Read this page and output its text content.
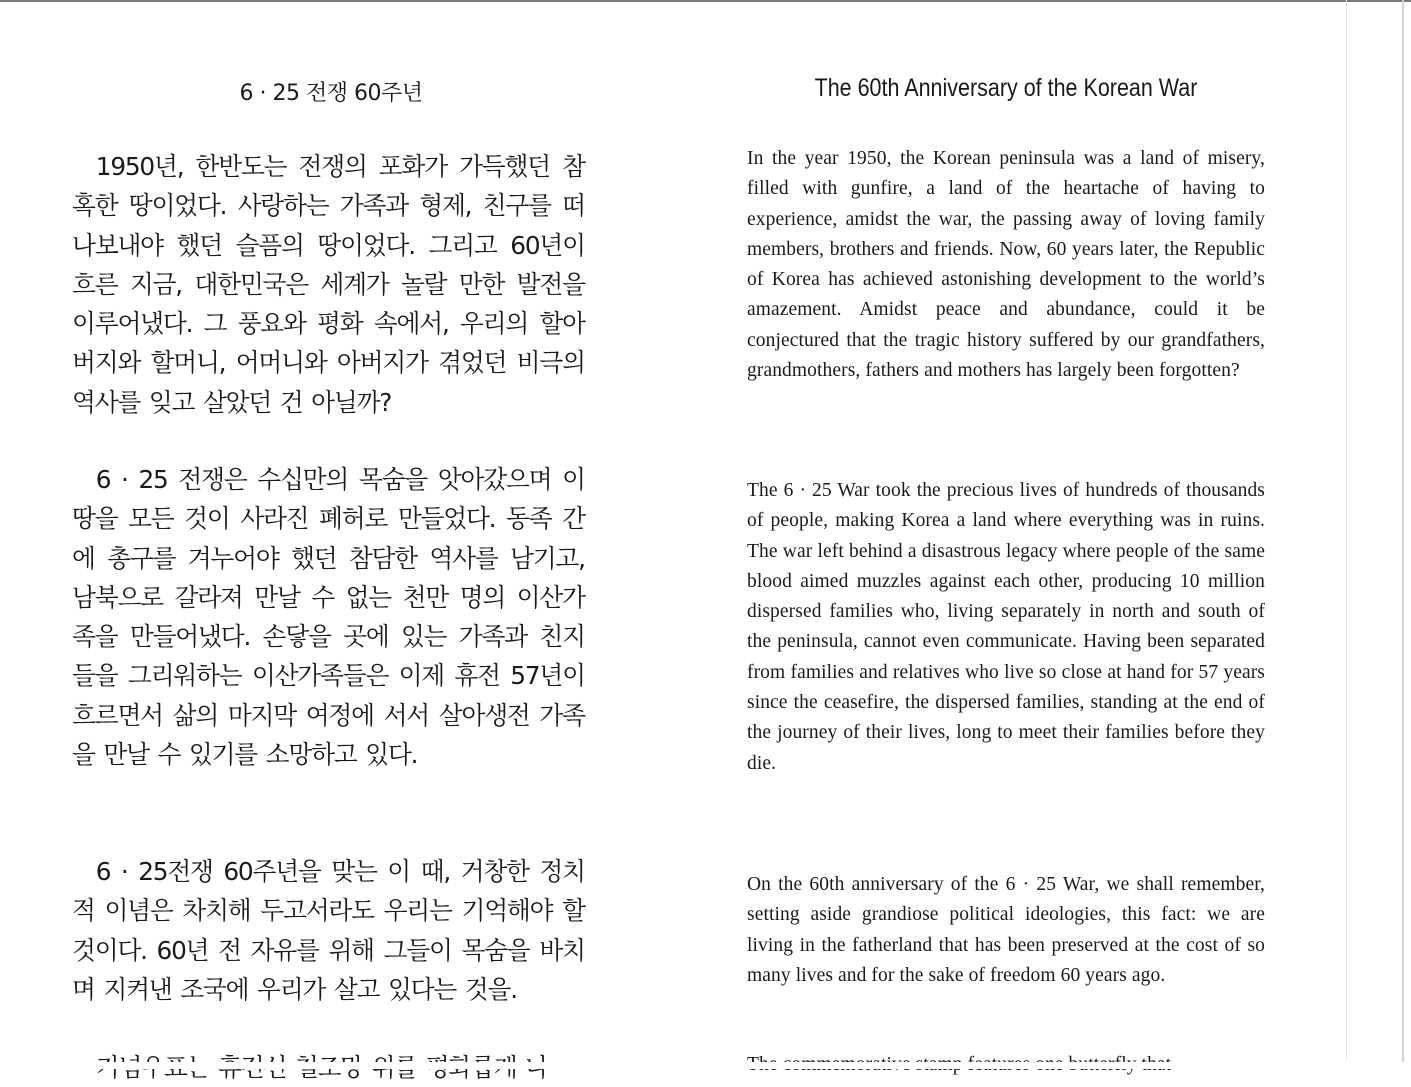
6 · 25 전쟁 60주년

1950년, 한반도는 전쟁의 포화가 가득했던 참혹한 땅이었다. 사랑하는 가족과 형제, 친구를 떠나보내야 했던 슬픔의 땅이었다. 그리고 60년이 흐른 지금, 대한민국은 세계가 놀랄 만한 발전을 이루어냈다. 그 풍요와 평화 속에서, 우리의 할아버지와 할머니, 어머니와 아버지가 겪었던 비극의 역사를 잊고 살았던 건 아닐까?

6 · 25 전쟁은 수십만의 목숨을 앗아갔으며 이 땅을 모든 것이 사라진 폐허로 만들었다. 동족 간에 총구를 겨누어야 했던 참담한 역사를 남기고, 남북으로 갈라져 만날 수 없는 천만 명의 이산가족을 만들어냈다. 손닿을 곳에 있는 가족과 친지들을 그리워하는 이산가족들은 이제 휴전 57년이 흐르면서 삶의 마지막 여정에 서서 살아생전 가족을 만날 수 있기를 소망하고 있다.

6 · 25전쟁 60주년을 맞는 이 때, 거창한 정치적 이념은 차치해 두고서라도 우리는 기억해야 할 것이다. 60년 전 자유를 위해 그들이 목숨을 바치며 지켜낸 조국에 우리가 살고 있다는 것을.

The 60th Anniversary of the Korean War

In the year 1950, the Korean peninsula was a land of misery, filled with gunfire, a land of the heartache of having to experience, amidst the war, the passing away of loving family members, brothers and friends. Now, 60 years later, the Republic of Korea has achieved astonishing development to the world’s amazement. Amidst peace and abundance, could it be conjectured that the tragic history suffered by our grandfathers, grandmothers, fathers and mothers has largely been forgotten?

The 6 · 25 War took the precious lives of hundreds of thousands of people, making Korea a land where everything was in ruins. The war left behind a disastrous legacy where people of the same blood aimed muzzles against each other, producing 10 million dispersed families who, living separately in north and south of the peninsula, cannot even communicate. Having been separated from families and relatives who live so close at hand for 57 years since the ceasefire, the dispersed families, standing at the end of the journey of their lives, long to meet their families before they die.

On the 60th anniversary of the 6 · 25 War, we shall remember, setting aside grandiose political ideologies, this fact: we are living in the fatherland that has been preserved at the cost of so many lives and for the sake of freedom 60 years ago.
